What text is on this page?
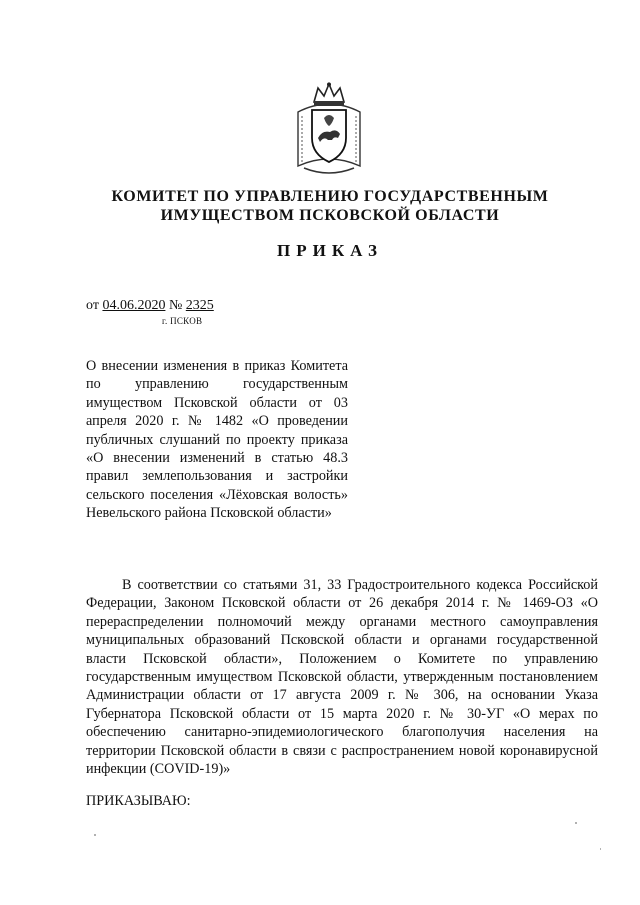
КОМИТЕТ ПО УПРАВЛЕНИЮ ГОСУДАРСТВЕННЫМ
ИМУЩЕСТВОМ ПСКОВСКОЙ ОБЛАСТИ
ПРИКАЗ
от 04.06.2020 № 2325
г. ПСКОВ

О внесении изменения в приказ Комитета по управлению государственным имуществом Псковской области от 03 апреля 2020 г. № 1482 «О проведении публичных слушаний по проекту приказа «О внесении изменений в статью 48.3 правил землепользования и застройки сельского поселения «Лёховская волость» Невельского района Псковской области»

В соответствии со статьями 31, 33 Градостроительного кодекса Российской Федерации, Законом Псковской области от 26 декабря 2014 г. № 1469-ОЗ «О перераспределении полномочий между органами местного самоуправления муниципальных образований Псковской области и органами государственной власти Псковской области», Положением о Комитете по управлению государственным имуществом Псковской области, утвержденным постановлением Администрации области от 17 августа 2009 г. № 306, на основании Указа Губернатора Псковской области от 15 марта 2020 г. № 30-УГ «О мерах по обеспечению санитарно-эпидемиологического благополучия населения на территории Псковской области в связи с распространением новой коронавирусной инфекции (COVID-19)»

ПРИКАЗЫВАЮ:
